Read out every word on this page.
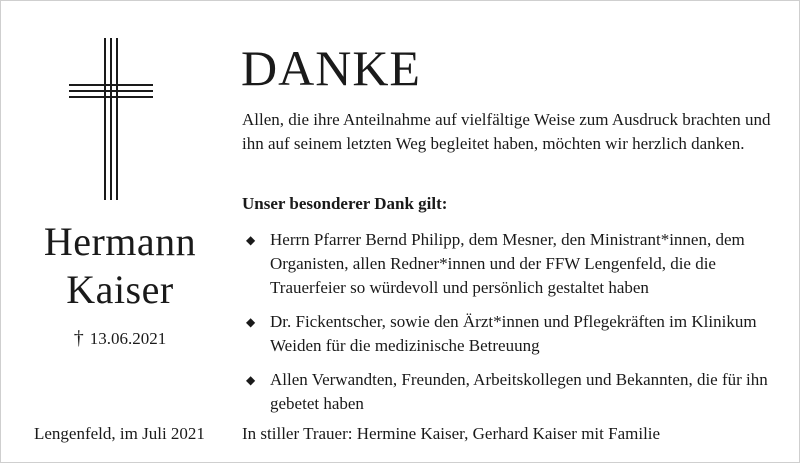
Hermann
Kaiser
† 13.06.2021
Lengenfeld, im Juli 2021
DANKE
Allen, die ihre Anteilnahme auf vielfältige Weise zum Ausdruck brachten und ihn auf seinem letzten Weg begleitet haben, möchten wir herzlich danken.
Unser besonderer Dank gilt:
◆ Herrn Pfarrer Bernd Philipp, dem Mesner, den Ministrant*innen, dem Organisten, allen Redner*innen und der FFW Lengenfeld, die die Trauerfeier so würdevoll und persönlich gestaltet haben
◆ Dr. Fickentscher, sowie den Ärzt*innen und Pflegekräften im Klinikum Weiden für die medizinische Betreuung
◆ Allen Verwandten, Freunden, Arbeitskollegen und Bekannten, die für ihn gebetet haben
In stiller Trauer: Hermine Kaiser, Gerhard Kaiser mit Familie
